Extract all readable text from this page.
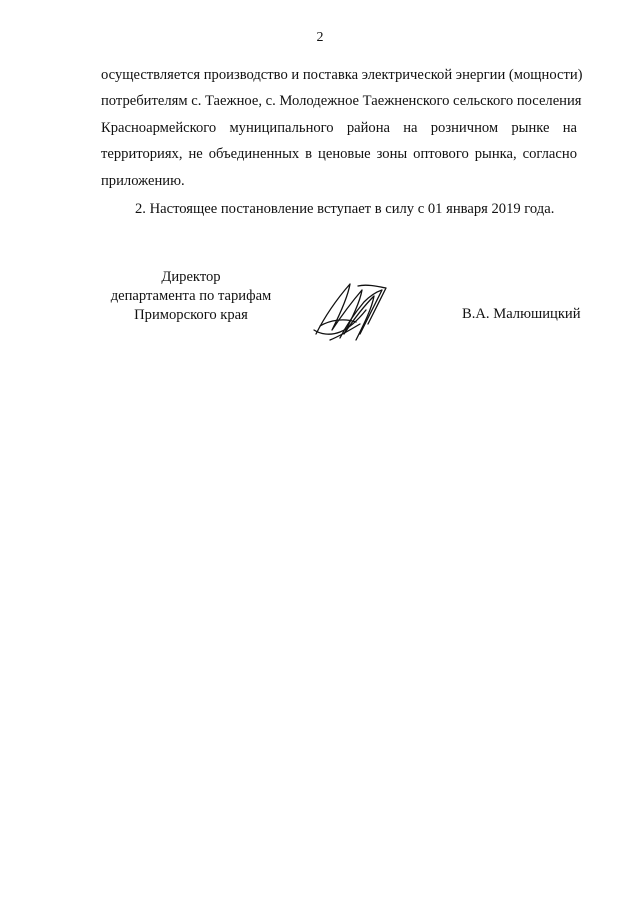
2
осуществляется производство и поставка электрической энергии (мощности)
потребителям с. Таежное, с. Молодежное Таежненского сельского поселения
Красноармейского муниципального района на розничном рынке на
территориях, не объединенных в ценовые зоны оптового рынка, согласно
приложению.
2. Настоящее постановление вступает в силу с 01 января 2019 года.
Директор
департамента по тарифам
Приморского края	В.А. Малюшицкий
